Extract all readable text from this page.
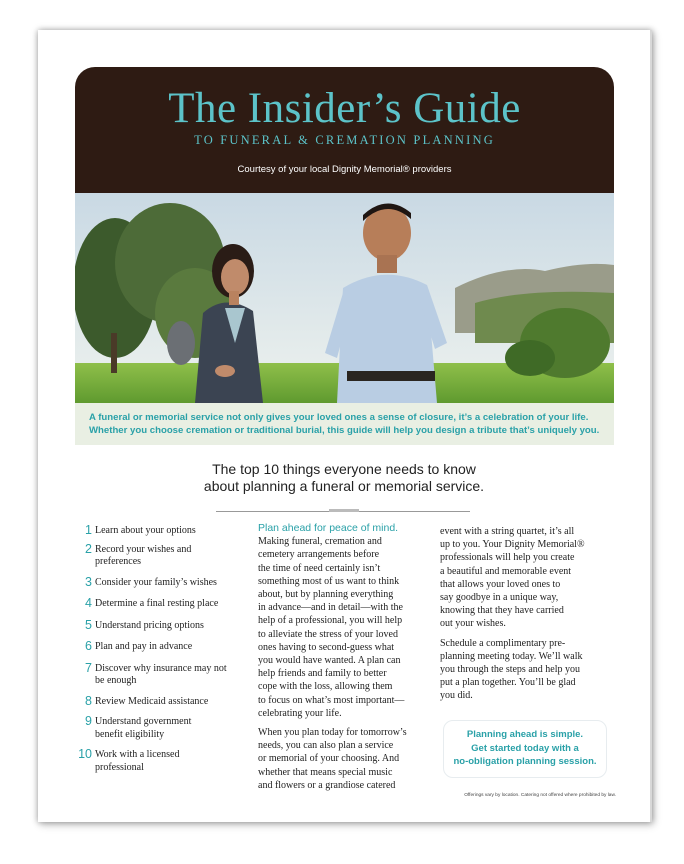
The Insider’s Guide
TO FUNERAL & CREMATION PLANNING
Courtesy of your local Dignity Memorial® providers
A funeral or memorial service not only gives your loved ones a sense of closure, it’s a celebration of your life.
Whether you choose cremation or traditional burial, this guide will help you design a tribute that’s uniquely you.
The top 10 things everyone needs to know
about planning a funeral or memorial service.
1 Learn about your options
2 Record your wishes and preferences
3 Consider your family’s wishes
4 Determine a final resting place
5 Understand pricing options
6 Plan and pay in advance
7 Discover why insurance may not be enough
8 Review Medicaid assistance
9 Understand government benefit eligibility
10 Work with a licensed professional

Plan ahead for peace of mind.
Making funeral, cremation and
cemetery arrangements before
the time of need certainly isn’t
something most of us want to think
about, but by planning everything
in advance—and in detail—with the
help of a professional, you will help
to alleviate the stress of your loved
ones having to second-guess what
you would have wanted. A plan can
help friends and family to better
cope with the loss, allowing them
to focus on what’s most important—
celebrating your life.

When you plan today for tomorrow’s
needs, you can also plan a service
or memorial of your choosing. And
whether that means special music
and flowers or a grandiose catered

event with a string quartet, it’s all
up to you. Your Dignity Memorial®
professionals will help you create
a beautiful and memorable event
that allows your loved ones to
say goodbye in a unique way,
knowing that they have carried
out your wishes.

Schedule a complimentary pre-
planning meeting today. We’ll walk
you through the steps and help you
put a plan together. You’ll be glad
you did.

Planning ahead is simple.
Get started today with a
no-obligation planning session.
Offerings vary by location. Catering not offered where prohibited by law.
